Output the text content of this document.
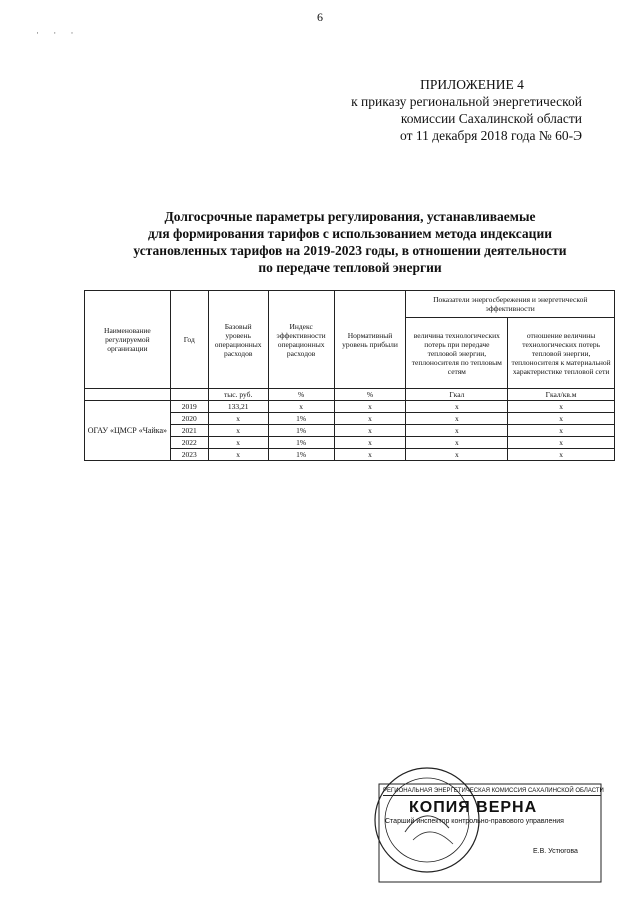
6
· · ·
ПРИЛОЖЕНИЕ 4
к приказу региональной энергетической
комиссии Сахалинской области
от 11 декабря 2018 года № 60-Э
Долгосрочные параметры регулирования, устанавливаемые
для формирования тарифов с использованием метода индексации
установленных тарифов на 2019-2023 годы, в отношении деятельности
по передаче тепловой энергии
Наименование регулируемой организации	Год	Базовый уровень операционных расходов	Индекс эффективности операционных расходов	Нормативный уровень прибыли	Показатели энергосбережения и энергетической эффективности	
					величина технологических потерь при передаче тепловой энергии, теплоносителя по тепловым сетям	отношение величины технологических потерь тепловой энергии, теплоносителя к материальной характеристике тепловой сети
		тыс. руб.	%	%	Гкал	Гкал/кв.м
ОГАУ «ЦМСР «Чайка»	2019	133,21	x	x	x	x
	2020	x	1%	x	x	x
	2021	x	1%	x	x	x
	2022	x	1%	x	x	x
	2023	x	1%	x	x	x
РЕГИОНАЛЬНАЯ ЭНЕРГЕТИЧЕСКАЯ КОМИССИЯ САХАЛИНСКОЙ ОБЛАСТИ
КОПИЯ ВЕРНА
Старший инспектор контрольно-правового управления
Е.В. Устюгова
